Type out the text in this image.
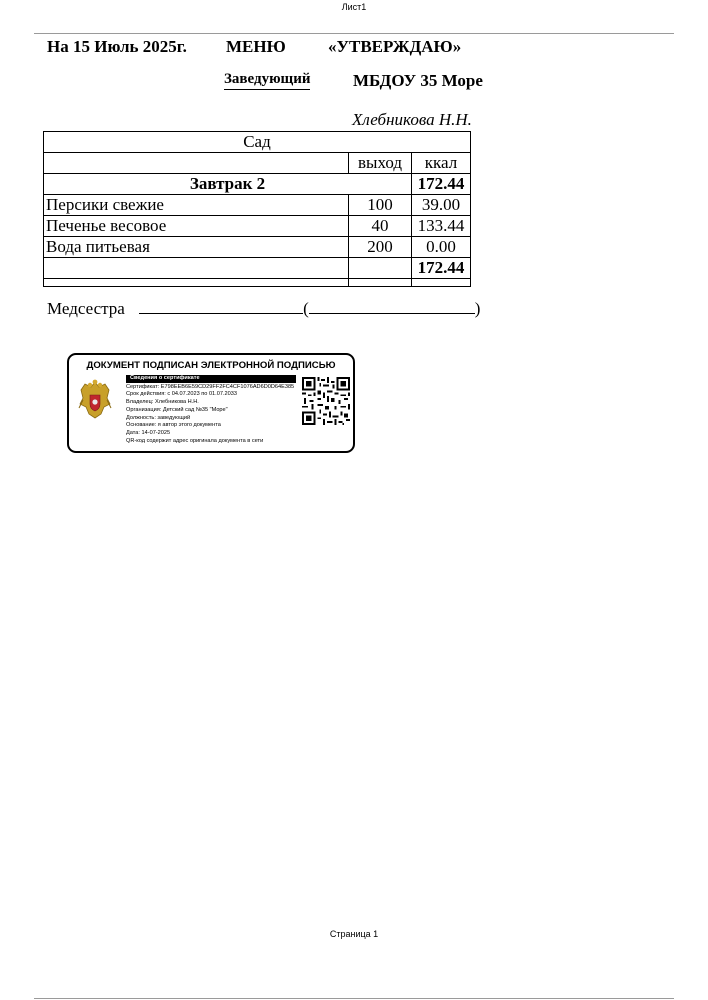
Лист1
На 15 Июль 2025г. МЕНЮ «УТВЕРЖДАЮ»
Заведующий	МБДОУ 35 Море
Хлебникова Н.Н.
Сад		
	выход	ккал
Завтрак 2		172.44
Персики свежие	100	39.00
Печенье весовое	40	133.44
Вода питьевая	200	0.00
		172.44

Медсестра	(	)
ДОКУМЕНТ ПОДПИСАН ЭЛЕКТРОННОЙ ПОДПИСЬЮ
Сведения о сертификате
Сертификат: E798EEB6E59CD29FF2FC4CF1076AD6D0D64E385
Срок действия: с 04.07.2023 по 01.07.2033
Владелец: Хлебникова Н.Н.
Организация: Детский сад №35 "Море"
Должность: заведующий
Основание: я автор этого документа
Дата: 14-07-2025
QR-код содержит адрес оригинала документа в сети
Страница 1
